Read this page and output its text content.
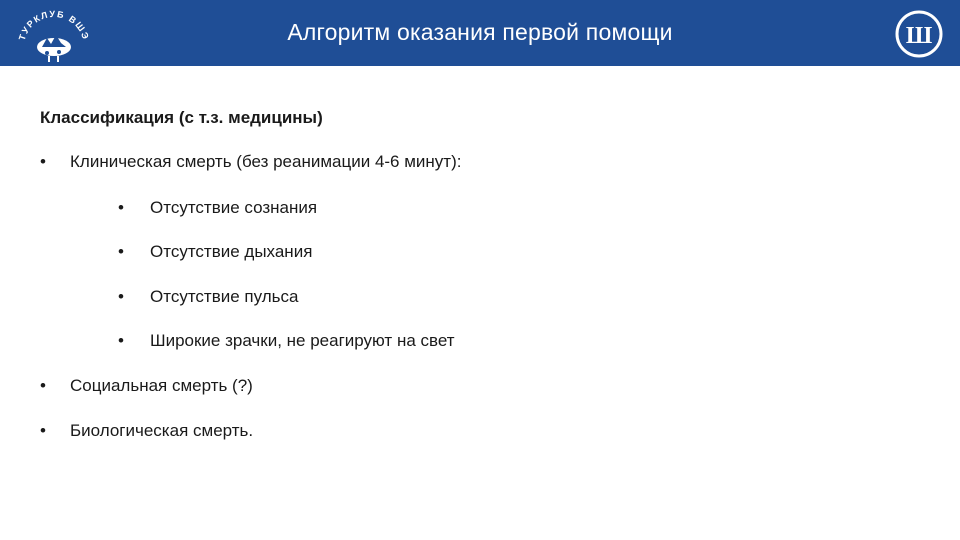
ТУРКЛУБ ВШЭ	Алгоритм оказания первой помощи	Ш
Классификация (с т.з. медицины)
• Клиническая смерть (без реанимации 4-6 минут):
• Отсутствие сознания
• Отсутствие дыхания
• Отсутствие пульса
• Широкие зрачки, не реагируют на свет
• Социальная смерть (?)
• Биологическая смерть.
